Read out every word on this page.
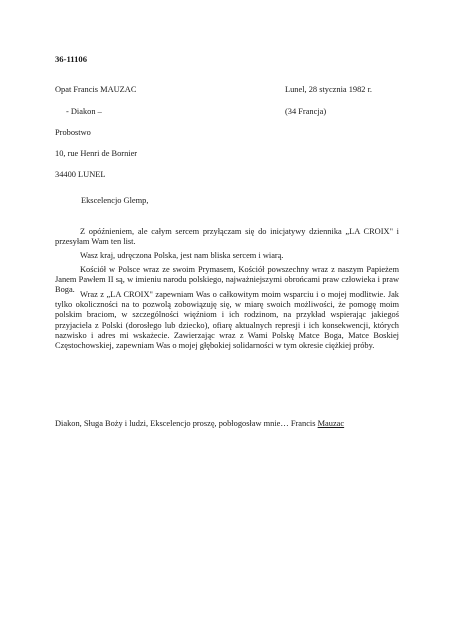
36-11106
Opat Francis MAUZAC
- Diakon –
Probostwo
10, rue Henri de Bornier
34400 LUNEL
Lunel, 28 stycznia 1982 r.
(34 Francja)
Ekscelencjo Glemp,

Z opóźnieniem, ale całym sercem przyłączam się do inicjatywy dziennika „LA CROIX" i przesyłam Wam ten list.

Wasz kraj, udręczona Polska, jest nam bliska sercem i wiarą.

Kościół w Polsce wraz ze swoim Prymasem, Kościół powszechny wraz z naszym Papieżem Janem Pawłem II są, w imieniu narodu polskiego, najważniejszymi obrońcami praw człowieka i praw Boga.

Wraz z „LA CROIX" zapewniam Was o całkowitym moim wsparciu i o mojej modlitwie. Jak tylko okoliczności na to pozwolą zobowiązuję się, w miarę swoich możliwości, że pomogę moim polskim braciom, w szczególności więźniom i ich rodzinom, na przykład wspierając jakiegoś przyjaciela z Polski (dorosłego lub dziecko), ofiarę aktualnych represji i ich konsekwencji, których nazwisko i adres mi wskażecie. Zawierzając wraz z Wami Polskę Matce Boga, Matce Boskiej Częstochowskiej, zapewniam Was o mojej głębokiej solidarności w tym okresie ciężkiej próby.

Diakon, Sługa Boży i ludzi, Ekscelencjo proszę, pobłogosław mnie… Francis Mauzac
